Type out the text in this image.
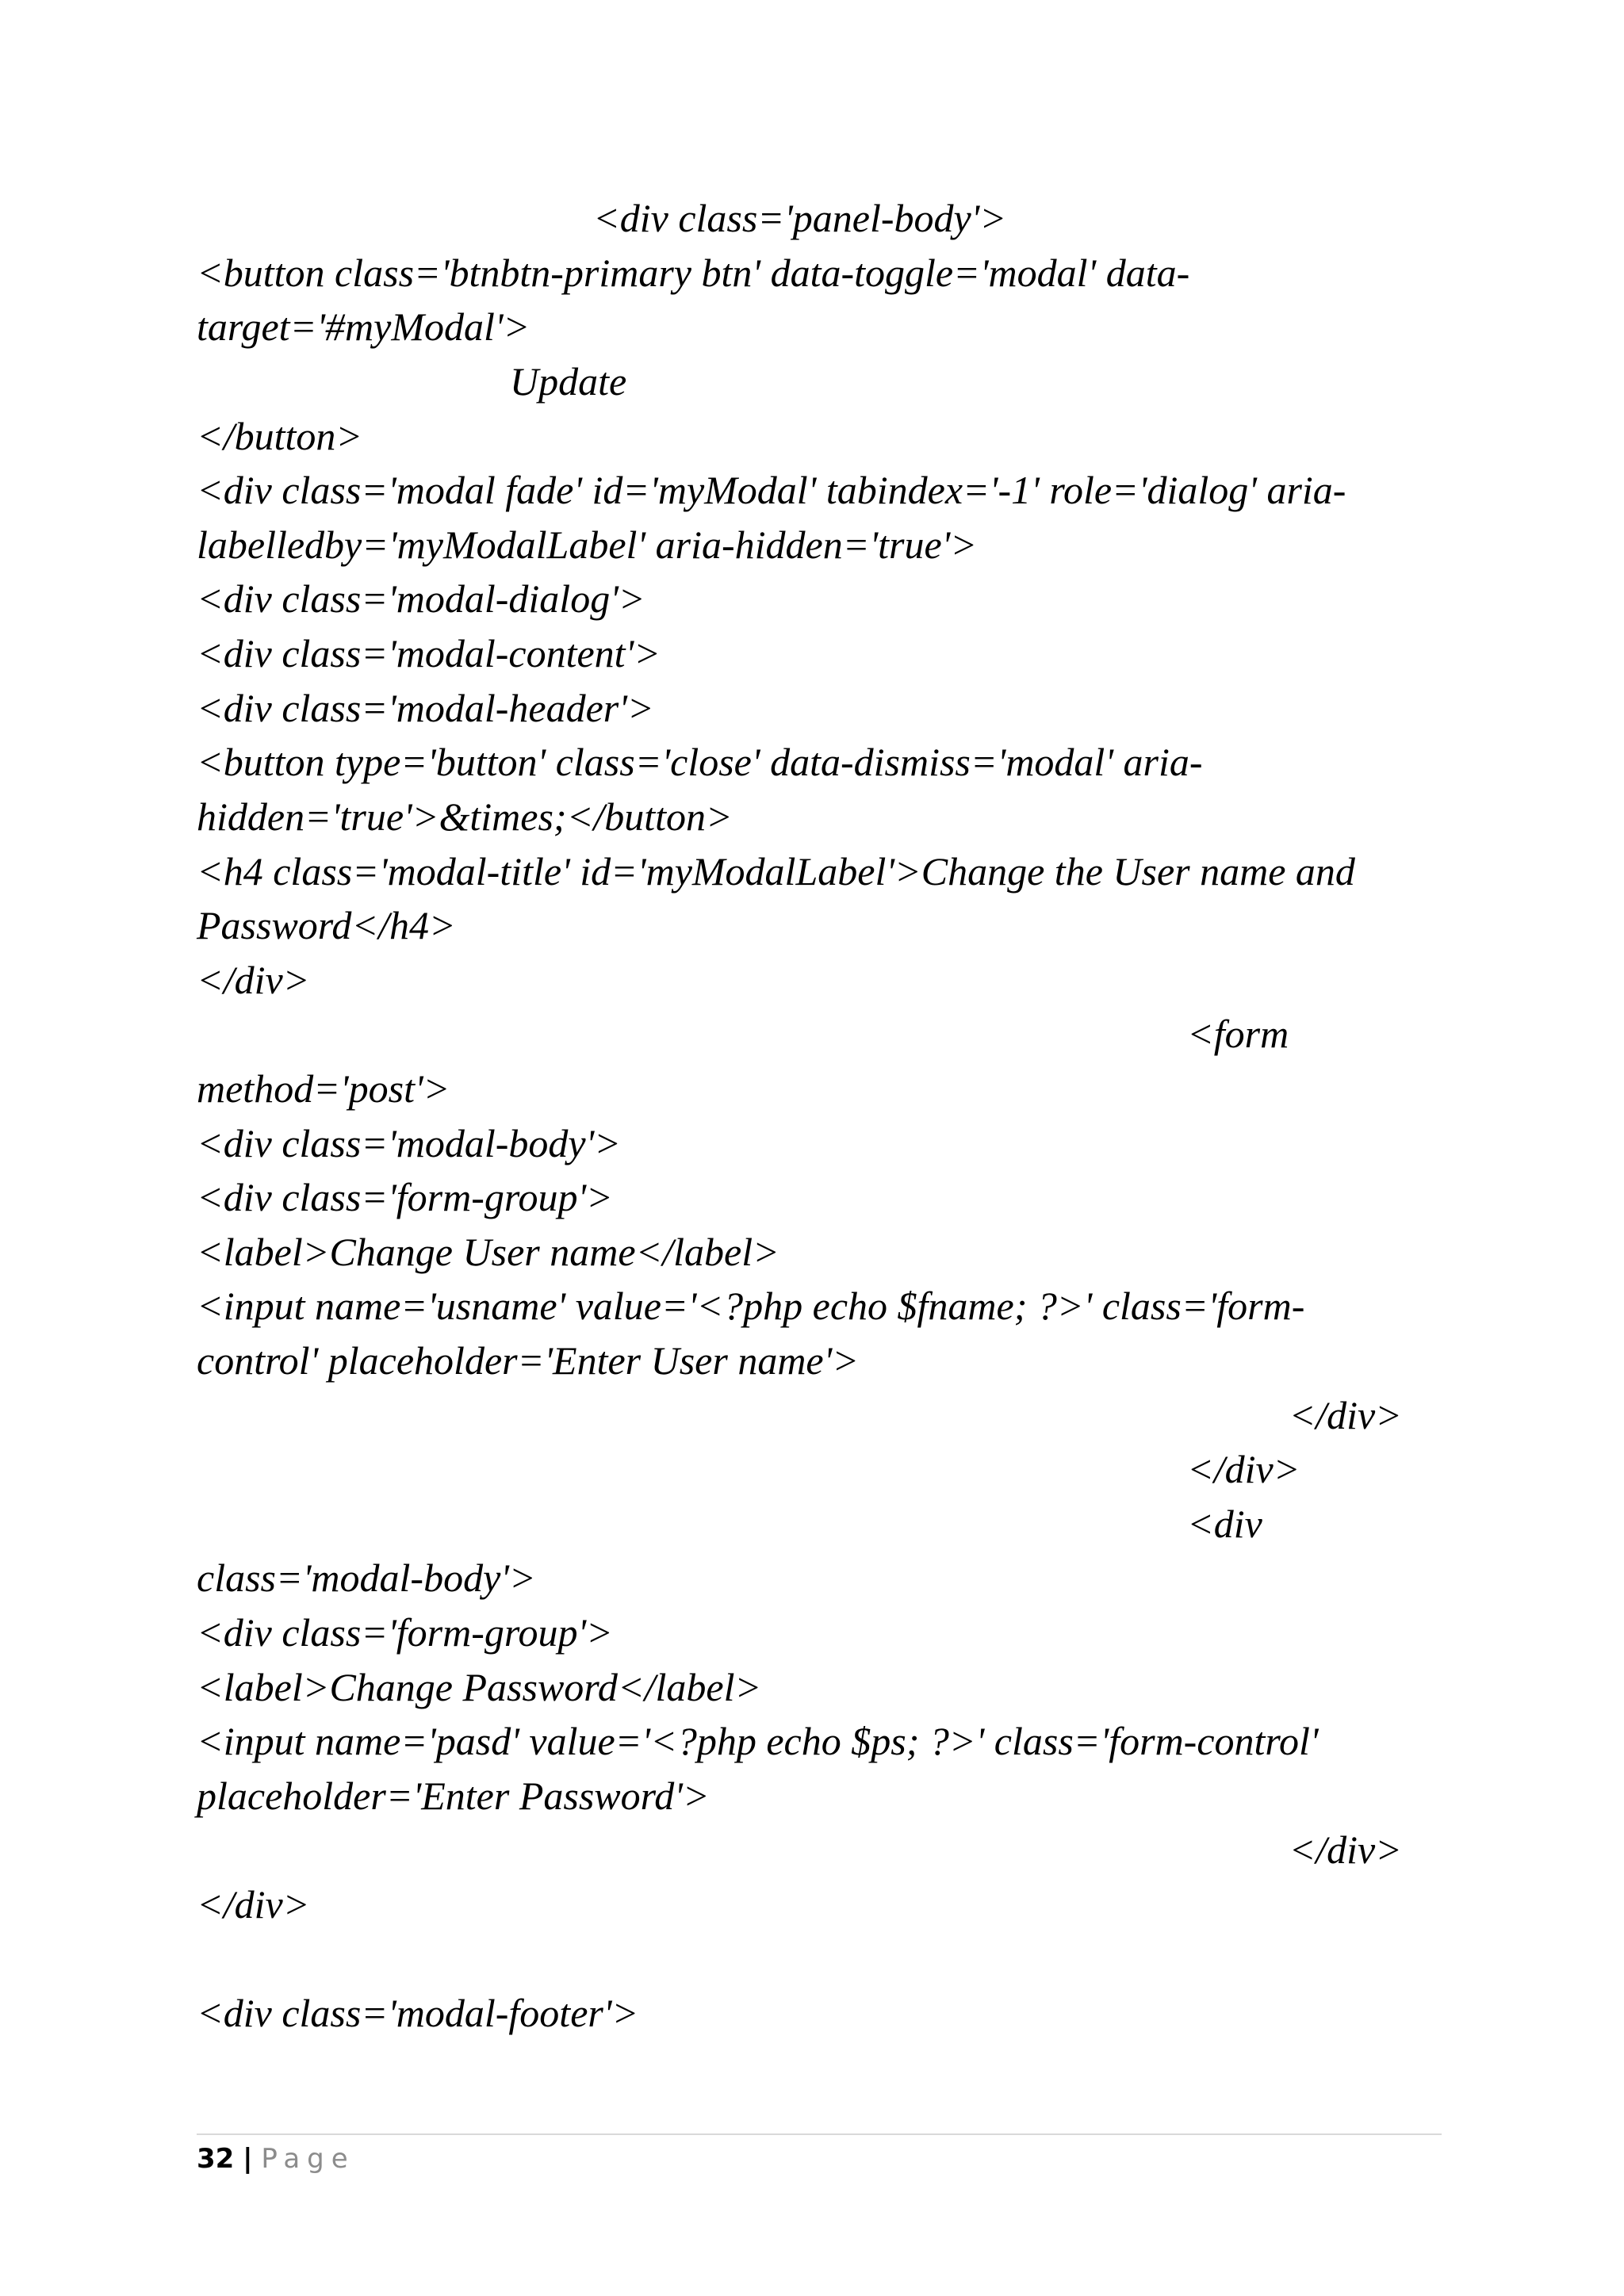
<div class='panel-body'>
<button class='btnbtn-primary btn' data-toggle='modal' data-
target='#myModal'>
Update
</button>
<div class='modal fade' id='myModal' tabindex='-1' role='dialog' aria-
labelledby='myModalLabel' aria-hidden='true'>
<div class='modal-dialog'>
<div class='modal-content'>
<div class='modal-header'>
<button type='button' class='close' data-dismiss='modal' aria-
hidden='true'>&times;</button>
<h4 class='modal-title' id='myModalLabel'>Change the User name and
Password</h4>
</div>
<form
method='post'>
<div class='modal-body'>
<div class='form-group'>
<label>Change User name</label>
<input name='usname' value='<?php echo $fname; ?>' class='form-
control' placeholder='Enter User name'>
</div>
</div>
<div
class='modal-body'>
<div class='form-group'>
<label>Change Password</label>
<input name='pasd' value='<?php echo $ps; ?>' class='form-control'
placeholder='Enter Password'>
</div>
</div>
<div class='modal-footer'>
32 | Page
